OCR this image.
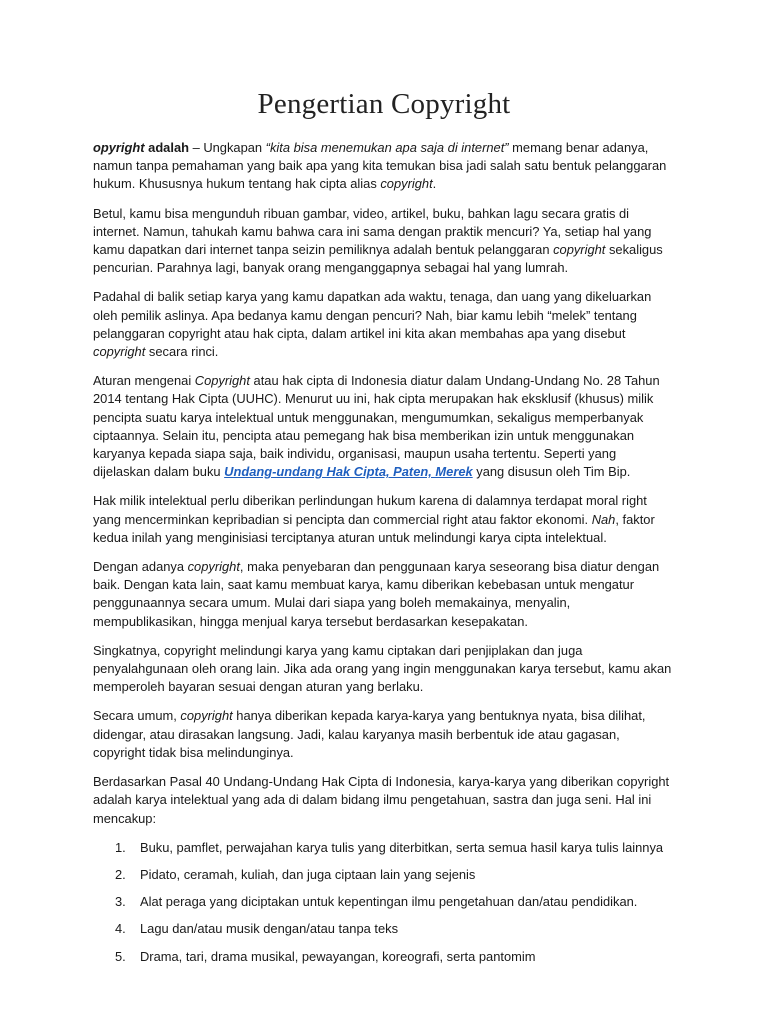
Pengertian Copyright

opyright adalah – Ungkapan “kita bisa menemukan apa saja di internet” memang benar adanya, namun tanpa pemahaman yang baik apa yang kita temukan bisa jadi salah satu bentuk pelanggaran hukum. Khususnya hukum tentang hak cipta alias copyright.

Betul, kamu bisa mengunduh ribuan gambar, video, artikel, buku, bahkan lagu secara gratis di internet. Namun, tahukah kamu bahwa cara ini sama dengan praktik mencuri? Ya, setiap hal yang kamu dapatkan dari internet tanpa seizin pemiliknya adalah bentuk pelanggaran copyright sekaligus pencurian. Parahnya lagi, banyak orang menganggapnya sebagai hal yang lumrah.

Padahal di balik setiap karya yang kamu dapatkan ada waktu, tenaga, dan uang yang dikeluarkan oleh pemilik aslinya. Apa bedanya kamu dengan pencuri? Nah, biar kamu lebih “melek” tentang pelanggaran copyright atau hak cipta, dalam artikel ini kita akan membahas apa yang disebut copyright secara rinci.

Aturan mengenai Copyright atau hak cipta di Indonesia diatur dalam Undang-Undang No. 28 Tahun 2014 tentang Hak Cipta (UUHC). Menurut uu ini, hak cipta merupakan hak eksklusif (khusus) milik pencipta suatu karya intelektual untuk menggunakan, mengumumkan, sekaligus memperbanyak ciptaannya. Selain itu, pencipta atau pemegang hak bisa memberikan izin untuk menggunakan karyanya kepada siapa saja, baik individu, organisasi, maupun usaha tertentu. Seperti yang dijelaskan dalam buku Undang-undang Hak Cipta, Paten, Merek yang disusun oleh Tim Bip.

Hak milik intelektual perlu diberikan perlindungan hukum karena di dalamnya terdapat moral right yang mencerminkan kepribadian si pencipta dan commercial right atau faktor ekonomi. Nah, faktor kedua inilah yang menginisiasi terciptanya aturan untuk melindungi karya cipta intelektual.

Dengan adanya copyright, maka penyebaran dan penggunaan karya seseorang bisa diatur dengan baik. Dengan kata lain, saat kamu membuat karya, kamu diberikan kebebasan untuk mengatur penggunaannya secara umum. Mulai dari siapa yang boleh memakainya, menyalin, mempublikasikan, hingga menjual karya tersebut berdasarkan kesepakatan.

Singkatnya, copyright melindungi karya yang kamu ciptakan dari penjiplakan dan juga penyalahgunaan oleh orang lain. Jika ada orang yang ingin menggunakan karya tersebut, kamu akan memperoleh bayaran sesuai dengan aturan yang berlaku.

Secara umum, copyright hanya diberikan kepada karya-karya yang bentuknya nyata, bisa dilihat, didengar, atau dirasakan langsung. Jadi, kalau karyanya masih berbentuk ide atau gagasan, copyright tidak bisa melindunginya.

Berdasarkan Pasal 40 Undang-Undang Hak Cipta di Indonesia, karya-karya yang diberikan copyright adalah karya intelektual yang ada di dalam bidang ilmu pengetahuan, sastra dan juga seni. Hal ini mencakup:

1.	Buku, pamflet, perwajahan karya tulis yang diterbitkan, serta semua hasil karya tulis lainnya
2.	Pidato, ceramah, kuliah, dan juga ciptaan lain yang sejenis
3.	Alat peraga yang diciptakan untuk kepentingan ilmu pengetahuan dan/atau pendidikan.
4.	Lagu dan/atau musik dengan/atau tanpa teks
5.	Drama, tari, drama musikal, pewayangan, koreografi, serta pantomim
